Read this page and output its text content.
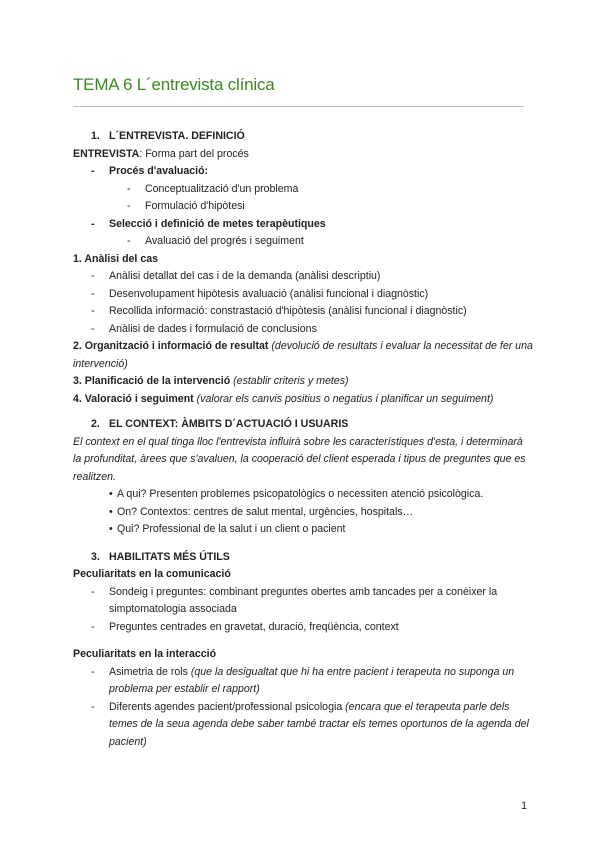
TEMA 6 L´entrevista clínica
1. L´ENTREVISTA. DEFINICIÓ
ENTREVISTA: Forma part del procés
- Procés d'avaluació:
- Conceptualització d'un problema
- Formulació d'hipòtesi
- Selecció i definició de metes terapèutiques
- Avaluació del progrés i seguiment
1. Anàlisi del cas
- Anàlisi detallat del cas i de la demanda (anàlisi descriptiu)
- Desenvolupament hipòtesis avaluació (anàlisi funcional i diagnòstic)
- Recollida informació: constrastació d'hipòtesis (anàlisi funcional i diagnòstic)
- Anàlisi de dades i formulació de conclusions
2. Organització i informació de resultat (devolució de resultats i evaluar la necessitat de fer una intervenció)
3. Planificació de la intervenció (establir criteris y metes)
4. Valoració i seguiment (valorar els canvis positius o negatius i planificar un seguiment)
2. EL CONTEXT: ÀMBITS D´ACTUACIÓ I USUARIS
El context en el qual tinga lloc l'entrevista influirà sobre les característiques d'esta, i determinarà la profunditat, àrees que s'avaluen, la cooperació del client esperada i tipus de preguntes que es realitzen.
• A qui? Presenten problemes psicopatològics o necessiten atenció psicològica.
• On? Contextos: centres de salut mental, urgències, hospitals…
• Qui? Professional de la salut i un client o pacient
3. HABILITATS MÉS ÚTILS
Peculiaritats en la comunicació
- Sondeig i preguntes: combinant preguntes obertes amb tancades per a conèixer la simptomatologia associada
- Preguntes centrades en gravetat, duració, freqüència, context
Peculiaritats en la interacció
- Asimetria de rols (que la desigualtat que hi ha entre pacient i terapeuta no suponga un problema per establir el rapport)
- Diferents agendes pacient/professional psicologia (encara que el terapeuta parle dels temes de la seua agenda debe saber també tractar els temes oportunos de la agenda del pacient)
1
